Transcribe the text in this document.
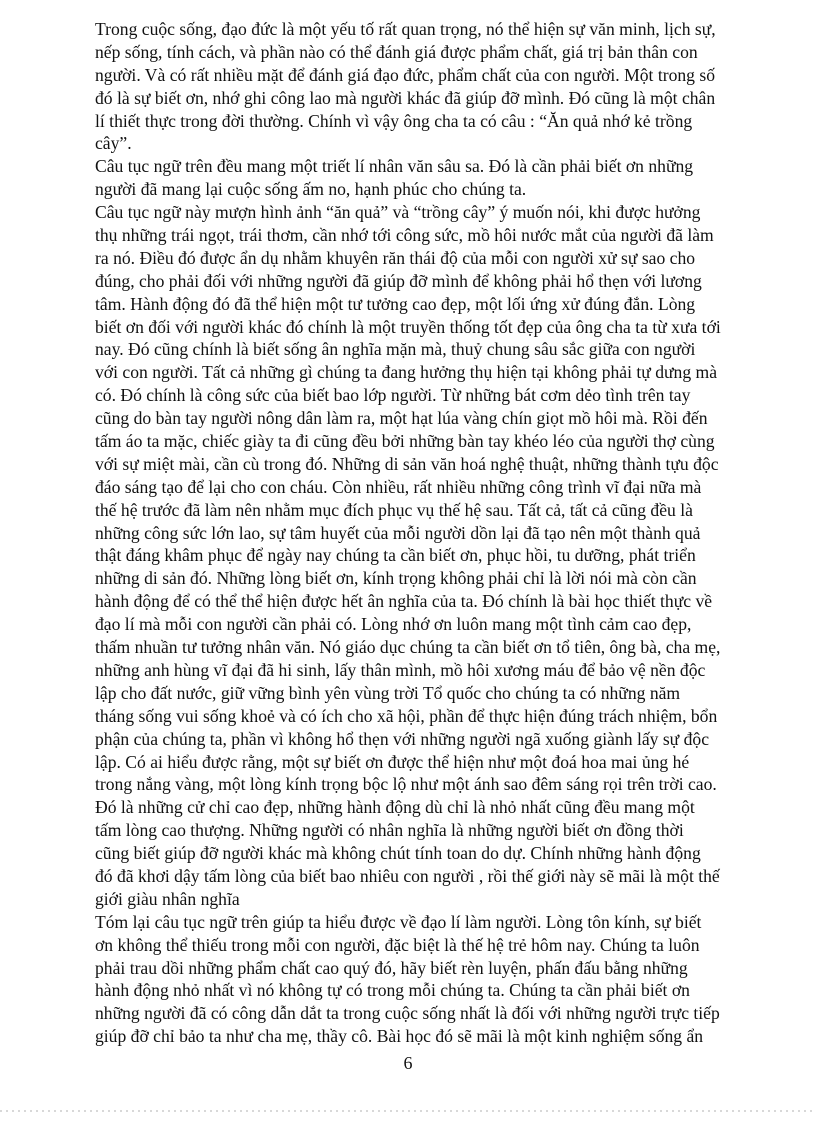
Trong cuộc sống, đạo đức là một yếu tố rất quan trọng, nó thể hiện sự văn minh, lịch sự,
nếp sống, tính cách, và phần nào có thể đánh giá được phẩm chất, giá trị bản thân con
người. Và có rất nhiều mặt để đánh giá đạo đức, phẩm chất của con người. Một trong số
đó là sự biết ơn, nhớ ghi công lao mà người khác đã giúp đỡ mình. Đó cũng là một chân
lí thiết thực trong đời thường. Chính vì vậy ông cha ta có câu : “Ăn quả nhớ kẻ trồng
cây”.
Câu tục ngữ trên đều mang một triết lí nhân văn sâu sa. Đó là cần phải biết ơn những
người đã mang lại cuộc sống ấm no, hạnh phúc cho chúng ta.
Câu tục ngữ này mượn hình ảnh “ăn quả” và “trồng cây” ý muốn nói, khi được hưởng
thụ những trái ngọt, trái thơm, cần nhớ tới công sức, mồ hôi nước mắt của người đã làm
ra nó. Điều đó được ẩn dụ nhằm khuyên răn thái độ của mỗi con người xử sự sao cho
đúng, cho phải đối với những người đã giúp đỡ mình để không phải hổ thẹn với lương
tâm. Hành động đó đã thể hiện một tư tưởng cao đẹp, một lối ứng xử đúng đắn. Lòng
biết ơn đối với người khác đó chính là một truyền thống tốt đẹp của ông cha ta từ xưa tới
nay. Đó cũng chính là biết sống ân nghĩa mặn mà, thuỷ chung sâu sắc giữa con người
với con người. Tất cả những gì chúng ta đang hưởng thụ hiện tại không phải tự dưng mà
có. Đó chính là công sức của biết bao lớp người. Từ những bát cơm dẻo tình trên tay
cũng do bàn tay người nông dân làm ra, một hạt lúa vàng chín giọt mồ hôi mà. Rồi đến
tấm áo ta mặc, chiếc giày ta đi cũng đều bởi những bàn tay khéo léo của người thợ cùng
với sự miệt mài, cần cù trong đó. Những di sản văn hoá nghệ thuật, những thành tựu độc
đáo sáng tạo để lại cho con cháu. Còn nhiều, rất nhiều những công trình vĩ đại nữa mà
thế hệ trước đã làm nên nhằm mục đích phục vụ thế hệ sau. Tất cả, tất cả cũng đều là
những công sức lớn lao, sự tâm huyết của mỗi người dồn lại đã tạo nên một thành quả
thật đáng khâm phục để ngày nay chúng ta cần biết ơn, phục hồi, tu dưỡng, phát triển
những di sản đó. Những lòng biết ơn, kính trọng không phải chỉ là lời nói mà còn cần
hành động để có thể thể hiện được hết ân nghĩa của ta. Đó chính là bài học thiết thực về
đạo lí mà mỗi con người cần phải có. Lòng nhớ ơn luôn mang một tình cảm cao đẹp,
thấm nhuần tư tưởng nhân văn. Nó giáo dục chúng ta cần biết ơn tổ tiên, ông bà, cha mẹ,
những anh hùng vĩ đại đã hi sinh, lấy thân mình, mồ hôi xương máu để bảo vệ nền độc
lập cho đất nước, giữ vững bình yên vùng trời Tổ quốc cho chúng ta có những năm
tháng sống vui sống khoẻ và có ích cho xã hội, phần để thực hiện đúng trách nhiệm, bổn
phận của chúng ta, phần vì không hổ thẹn với những người ngã xuống giành lấy sự độc
lập. Có ai hiểu được rằng, một sự biết ơn được thể hiện như một đoá hoa mai ủng hé
trong nắng vàng, một lòng kính trọng bộc lộ như một ánh sao đêm sáng rọi trên trời cao.
Đó là những cử chỉ cao đẹp, những hành động dù chỉ là nhỏ nhất cũng đều mang một
tấm lòng cao thượng. Những người có nhân nghĩa là những người biết ơn đồng thời
cũng biết giúp đỡ người khác mà không chút tính toan do dự. Chính những hành động
đó đã khơi dậy tấm lòng của biết bao nhiêu con người , rồi thế giới này sẽ mãi là một thế
giới giàu nhân nghĩa
Tóm lại câu tục ngữ trên giúp ta hiểu được về đạo lí làm người. Lòng tôn kính, sự biết
ơn không thể thiếu trong mỗi con người, đặc biệt là thế hệ trẻ hôm nay. Chúng ta luôn
phải trau dồi những phẩm chất cao quý đó, hãy biết rèn luyện, phấn đấu bằng những
hành động nhỏ nhất vì nó không tự có trong mỗi chúng ta. Chúng ta cần phải biết ơn
những người đã có công dẫn dắt ta trong cuộc sống nhất là đối với những người trực tiếp
giúp đỡ chỉ bảo ta như cha mẹ, thầy cô. Bài học đó sẽ mãi là một kinh nghiệm sống ẩn
6
